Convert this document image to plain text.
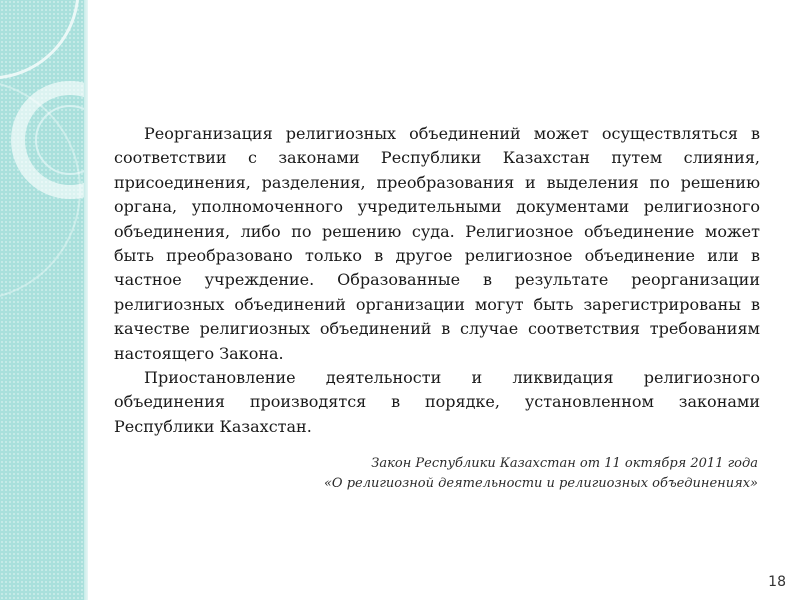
Реорганизация религиозных объединений может осуществляться в соответствии с законами Республики Казахстан путем слияния, присоединения, разделения, преобразования и выделения по решению органа, уполномоченного учредительными документами религиозного объединения, либо по решению суда. Религиозное объединение может быть преобразовано только в другое религиозное объединение или в частное учреждение. Образованные в результате реорганизации религиозных объединений организации могут быть зарегистрированы в качестве религиозных объединений в случае соответствия требованиям настоящего Закона.

Приостановление деятельности и ликвидация религиозного объединения производятся в порядке, установленном законами Республики Казахстан.

Закон Республики Казахстан от 11 октября 2011 года
«О религиозной деятельности и религиозных объединениях»
18
